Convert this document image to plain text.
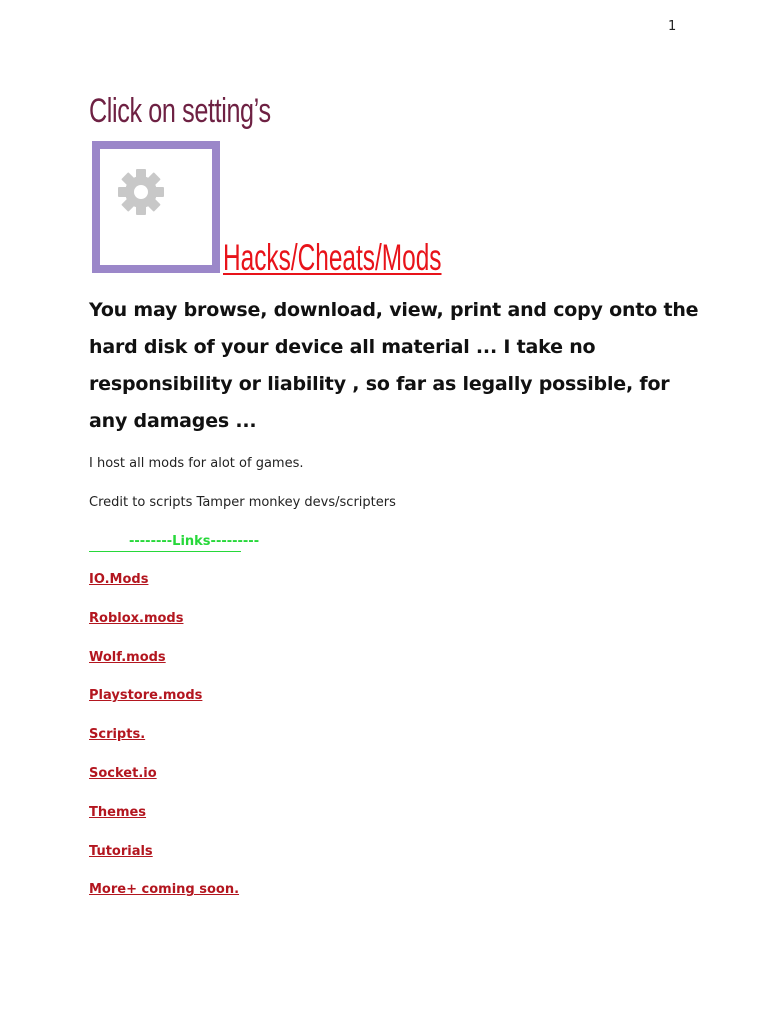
1
Click on setting’s
Hacks/Cheats/Mods
You may browse, download, view, print and copy onto the hard disk of your device all material ... I take no responsibility or liability , so far as legally possible, for any damages ...
I host all mods for alot of games.
Credit to scripts Tamper monkey devs/scripters
--------Links---------
IO.Mods
Roblox.mods
Wolf.mods
Playstore.mods
Scripts.
Socket.io
Themes
Tutorials
More+ coming soon.
